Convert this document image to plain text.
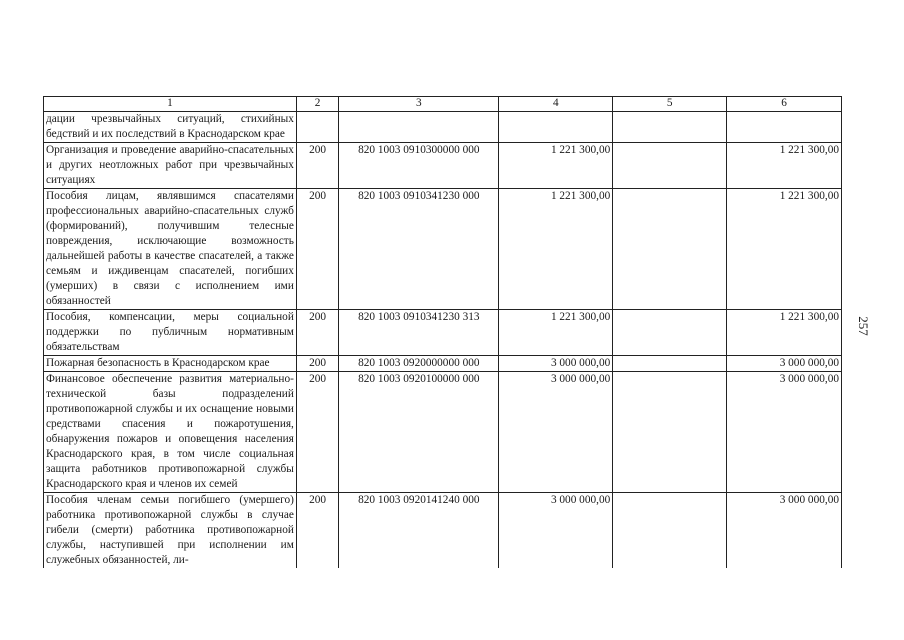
1	2	3	4	5	6
дации чрезвычайных ситуаций, стихийных бедствий и их последствий в Краснодарском крае					
Организация и проведение аварийно-спасательных и других неотложных работ при чрезвычайных ситуациях	200	820 1003 0910300000 000	1 221 300,00		1 221 300,00
Пособия лицам, являвшимся спасателями профессиональных аварийно-спасательных служб (формирований), получившим телесные повреждения, исключающие возможность дальнейшей работы в качестве спасателей, а также семьям и иждивенцам спасателей, погибших (умерших) в связи с исполнением ими обязанностей	200	820 1003 0910341230 000	1 221 300,00		1 221 300,00
Пособия, компенсации, меры социальной поддержки по публичным нормативным обязательствам	200	820 1003 0910341230 313	1 221 300,00		1 221 300,00
Пожарная безопасность в Краснодарском крае	200	820 1003 0920000000 000	3 000 000,00		3 000 000,00
Финансовое обеспечение развития материально-технической базы подразделений противопожарной службы и их оснащение новыми средствами спасения и пожаротушения, обнаружения пожаров и оповещения населения Краснодарского края, в том числе социальная защита работников противопожарной службы Краснодарского края и членов их семей	200	820 1003 0920100000 000	3 000 000,00		3 000 000,00
Пособия членам семьи погибшего (умершего) работника противопожарной службы в случае гибели (смерти) работника противопожарной службы, наступившей при исполнении им служебных обязанностей, ли-	200	820 1003 0920141240 000	3 000 000,00		3 000 000,00
257
